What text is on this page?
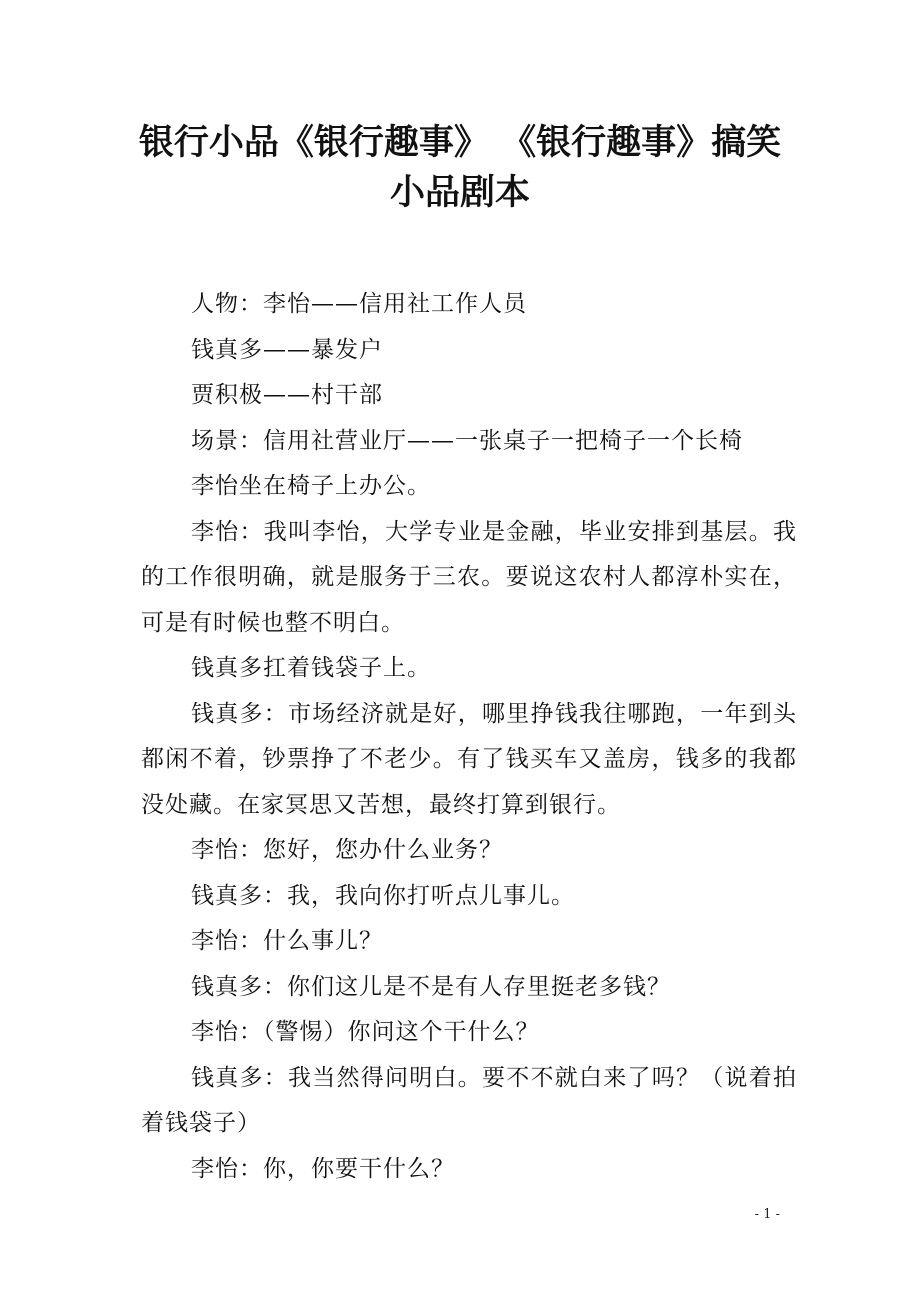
银行小品《银行趣事》 《银行趣事》搞笑
小品剧本

人物：李怡——信用社工作人员

钱真多——暴发户

贾积极——村干部

场景：信用社营业厅——一张桌子一把椅子一个长椅

李怡坐在椅子上办公。

李怡：我叫李怡，大学专业是金融，毕业安排到基层。我的工作很明确，就是服务于三农。要说这农村人都淳朴实在，可是有时候也整不明白。

钱真多扛着钱袋子上。

钱真多：市场经济就是好，哪里挣钱我往哪跑，一年到头都闲不着，钞票挣了不老少。有了钱买车又盖房，钱多的我都没处藏。在家冥思又苦想，最终打算到银行。

李怡：您好，您办什么业务？

钱真多：我，我向你打听点儿事儿。

李怡：什么事儿？

钱真多：你们这儿是不是有人存里挺老多钱？

李怡：（警惕）你问这个干什么？

钱真多：我当然得问明白。要不不就白来了吗？（说着拍着钱袋子）

李怡：你，你要干什么？

- 1 -
